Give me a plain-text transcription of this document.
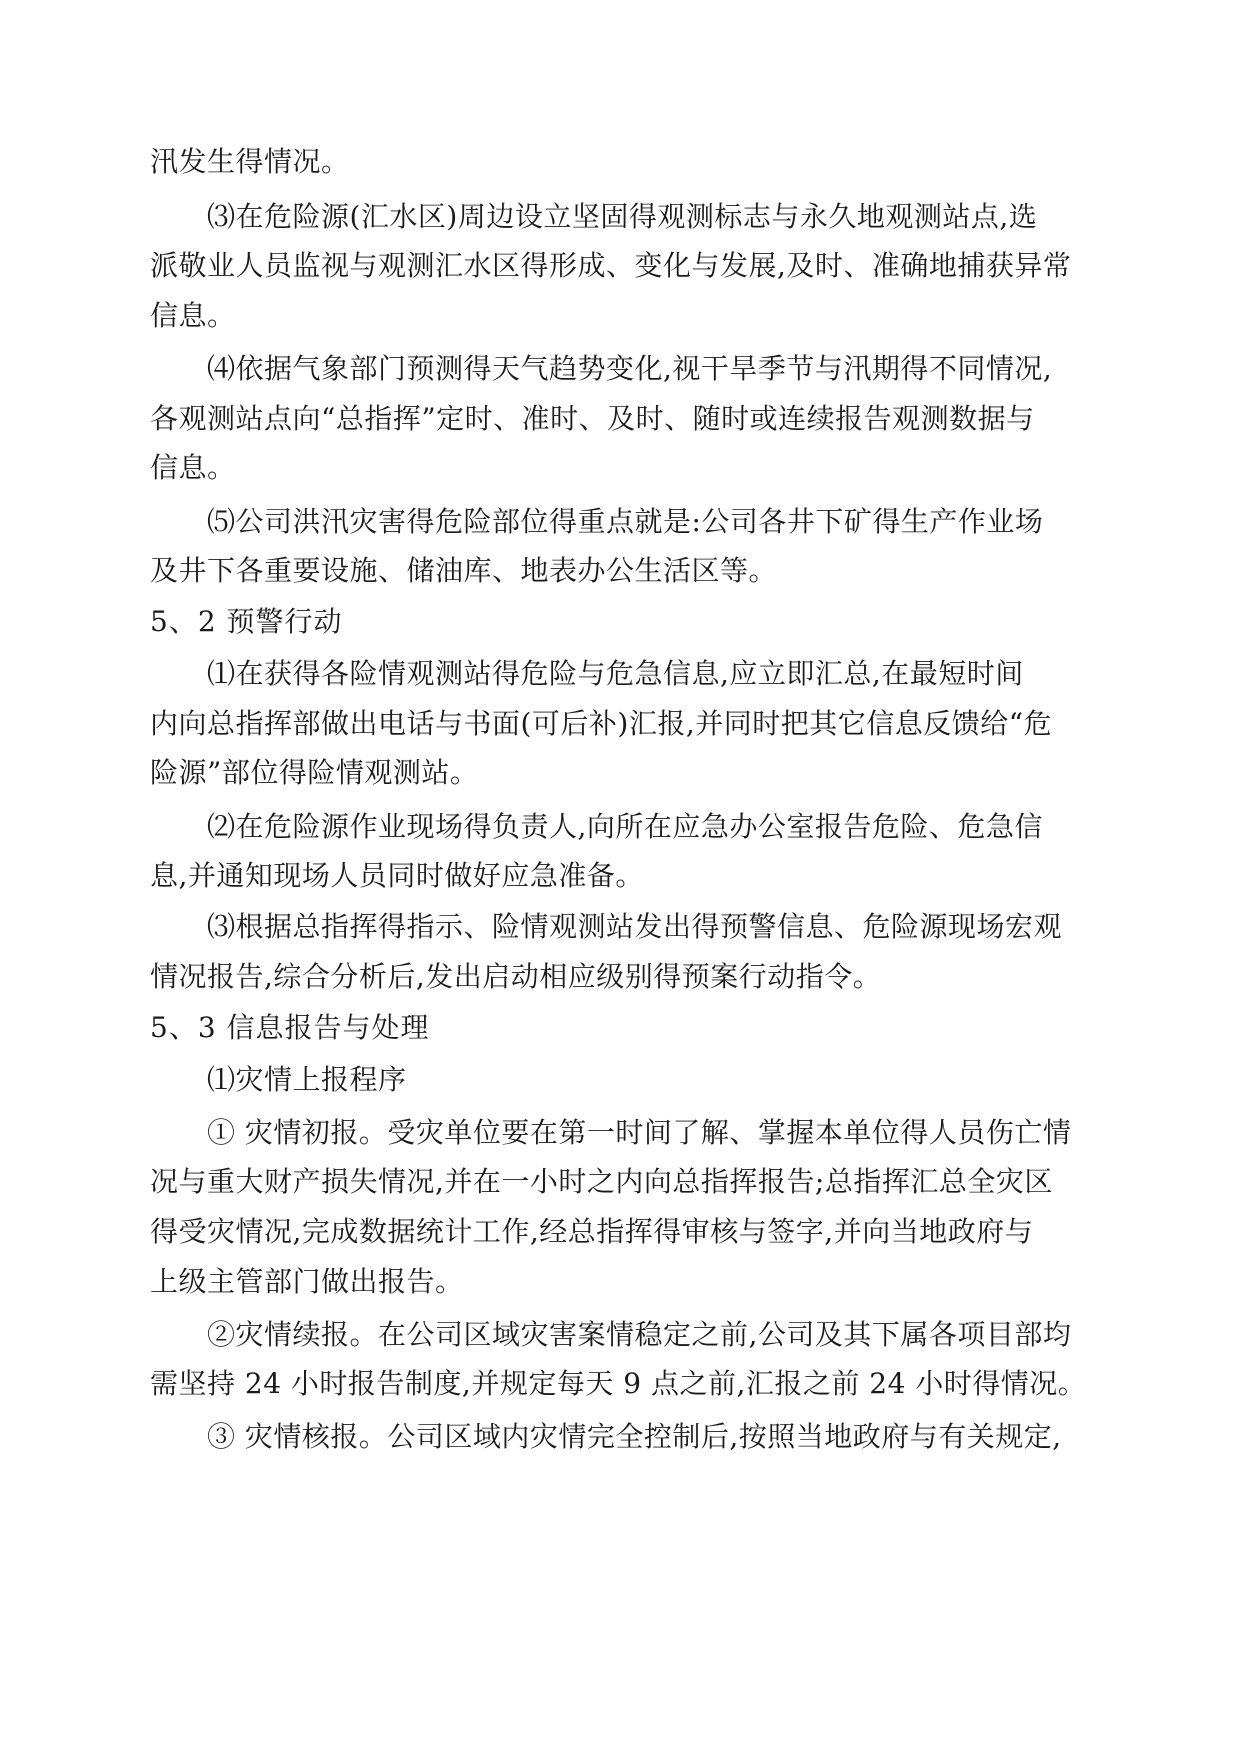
汛发生得情况。
⑶在危险源(汇水区)周边设立坚固得观测标志与永久地观测站点,选
派敬业人员监视与观测汇水区得形成、变化与发展,及时、准确地捕获异常
信息。
⑷依据气象部门预测得天气趋势变化,视干旱季节与汛期得不同情况,
各观测站点向“总指挥”定时、准时、及时、随时或连续报告观测数据与
信息。
⑸公司洪汛灾害得危险部位得重点就是:公司各井下矿得生产作业场
及井下各重要设施、储油库、地表办公生活区等。
5、2 预警行动
⑴在获得各险情观测站得危险与危急信息,应立即汇总,在最短时间
内向总指挥部做出电话与书面(可后补)汇报,并同时把其它信息反馈给“危
险源”部位得险情观测站。
⑵在危险源作业现场得负责人,向所在应急办公室报告危险、危急信
息,并通知现场人员同时做好应急准备。
⑶根据总指挥得指示、险情观测站发出得预警信息、危险源现场宏观
情况报告,综合分析后,发出启动相应级别得预案行动指令。
5、3 信息报告与处理
⑴灾情上报程序
① 灾情初报。受灾单位要在第一时间了解、掌握本单位得人员伤亡情
况与重大财产损失情况,并在一小时之内向总指挥报告;总指挥汇总全灾区
得受灾情况,完成数据统计工作,经总指挥得审核与签字,并向当地政府与
上级主管部门做出报告。
②灾情续报。在公司区域灾害案情稳定之前,公司及其下属各项目部均
需坚持 24 小时报告制度,并规定每天 9 点之前,汇报之前 24 小时得情况。
③ 灾情核报。公司区域内灾情完全控制后,按照当地政府与有关规定,
